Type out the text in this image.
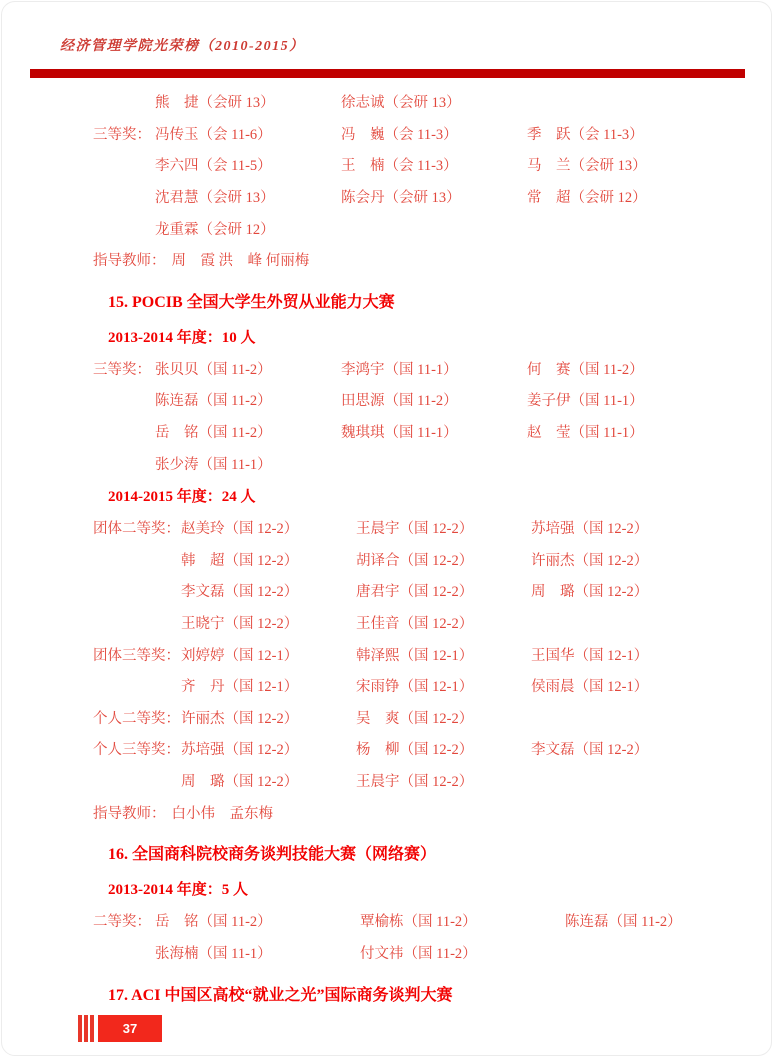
经济管理学院光荣榜（2010-2015）
熊　捷（会研 13）	徐志诚（会研 13）
三等奖： 冯传玉（会 11-6）	冯　巍（会 11-3）	季　跃（会 11-3）
李六四（会 11-5）	王　楠（会 11-3）	马　兰（会研 13）
沈君慧（会研 13）	陈会丹（会研 13）	常　超（会研 12）
龙重霖（会研 12）
指导教师： 周　霞 洪　峰 何丽梅
15. POCIB 全国大学生外贸从业能力大赛
2013-2014 年度：10 人
三等奖： 张贝贝（国 11-2）	李鸿宇（国 11-1）	何　赛（国 11-2）
陈连磊（国 11-2）	田思源（国 11-2）	姜子伊（国 11-1）
岳　铭（国 11-2）	魏琪琪（国 11-1）	赵　莹（国 11-1）
张少涛（国 11-1）
2014-2015 年度：24 人
团体二等奖： 赵美玲（国 12-2）	王晨宇（国 12-2）	苏培强（国 12-2）
韩　超（国 12-2）	胡译合（国 12-2）	许丽杰（国 12-2）
李文磊（国 12-2）	唐君宇（国 12-2）	周　璐（国 12-2）
王晓宁（国 12-2）	王佳音（国 12-2）
团体三等奖： 刘婷婷（国 12-1）	韩泽熙（国 12-1）	王国华（国 12-1）
齐　丹（国 12-1）	宋雨铮（国 12-1）	侯雨晨（国 12-1）
个人二等奖： 许丽杰（国 12-2）	吴　爽（国 12-2）
个人三等奖： 苏培强（国 12-2）	杨　柳（国 12-2）	李文磊（国 12-2）
周　璐（国 12-2）	王晨宇（国 12-2）
指导教师： 白小伟　孟东梅
16. 全国商科院校商务谈判技能大赛（网络赛）
2013-2014 年度：5 人
二等奖： 岳　铭（国 11-2）	覃榆栋（国 11-2）	陈连磊（国 11-2）
张海楠（国 11-1）	付文祎（国 11-2）
17. ACI 中国区高校“就业之光”国际商务谈判大赛
37
